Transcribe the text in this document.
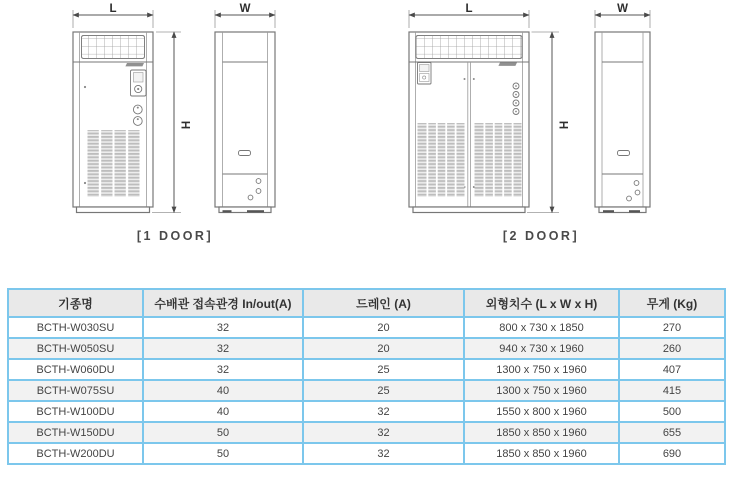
L	W
H
[1 DOOR]
L	W
H
[2 DOOR]
기종명	수배관 접속관경 In/out(A)	드레인 (A)	외형치수 (L x W x H)	무게 (Kg)
BCTH-W030SU	32	20	800 x 730 x 1850	270
BCTH-W050SU	32	20	940 x 730 x 1960	260
BCTH-W060DU	32	25	1300 x 750 x 1960	407
BCTH-W075SU	40	25	1300 x 750 x 1960	415
BCTH-W100DU	40	32	1550 x 800 x 1960	500
BCTH-W150DU	50	32	1850 x 850 x 1960	655
BCTH-W200DU	50	32	1850 x 850 x 1960	690
